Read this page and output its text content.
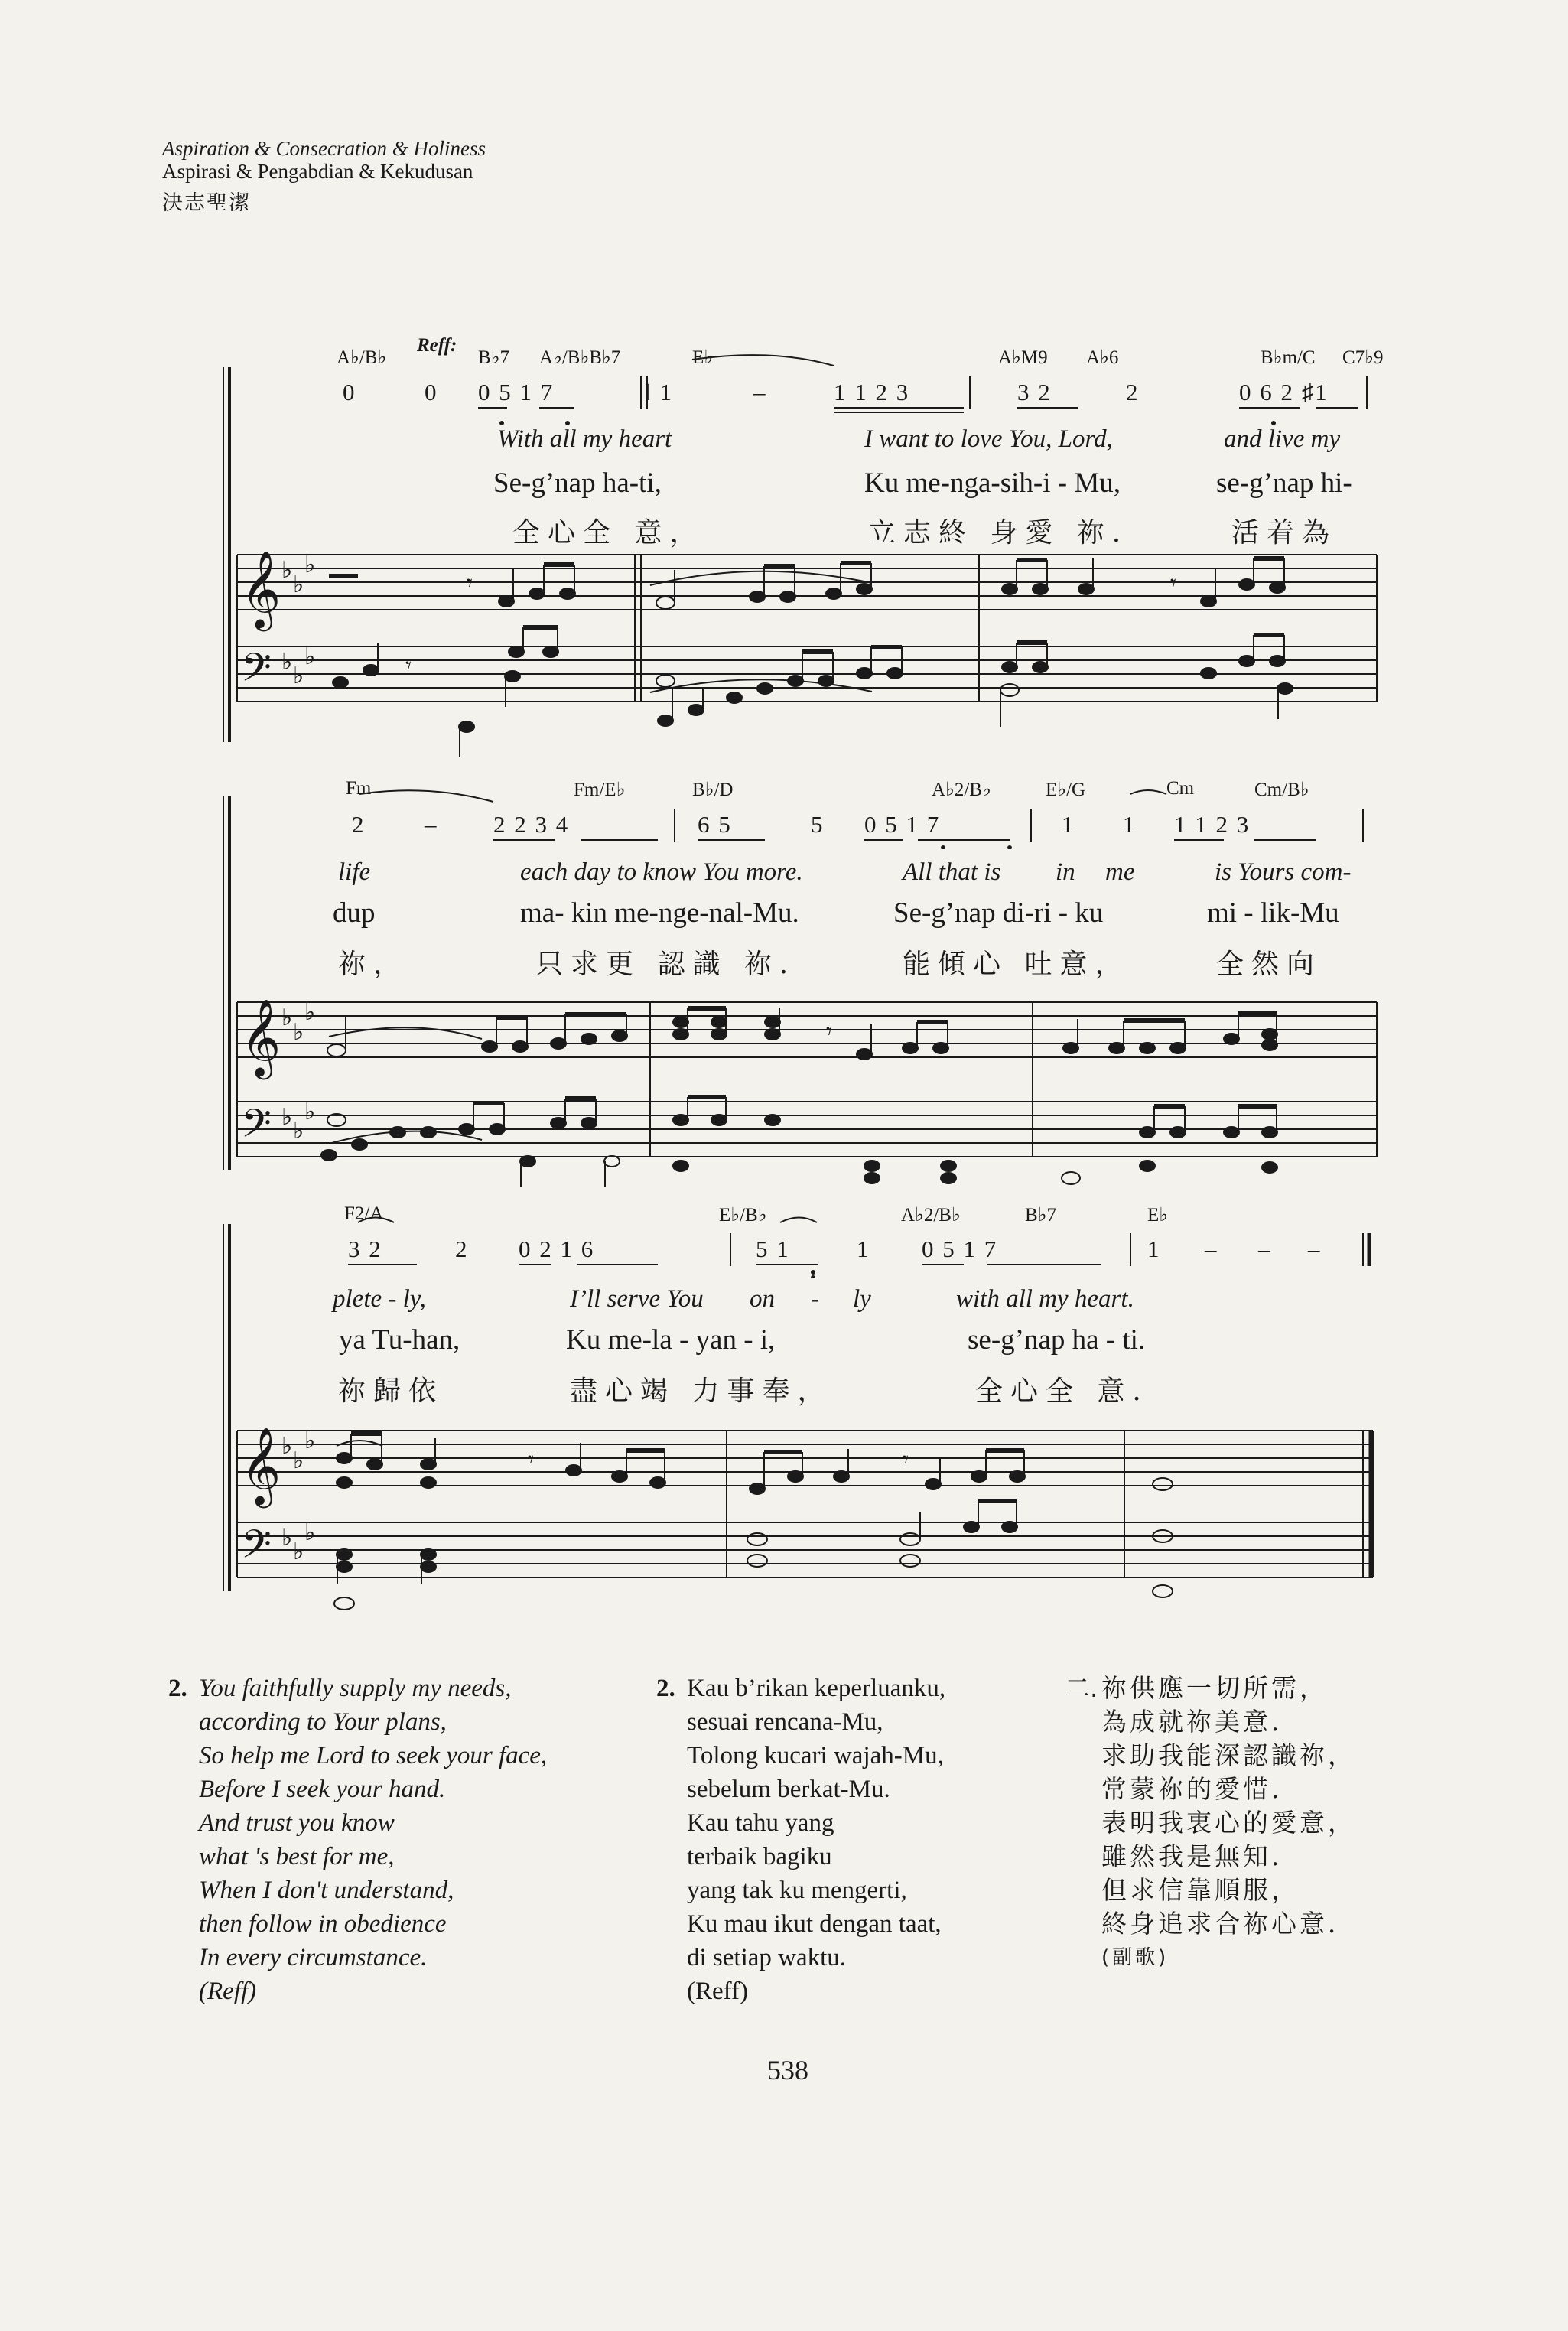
Aspiration & Consecration & Holiness
Aspirasi & Pengabdian & Kekudusan
決志聖潔
A♭/B♭
Reff:
B♭7 A♭/B♭B♭7	E♭	A♭M9 A♭6	B♭m/C C7♭9
0	0 0 5 1 7	‖ 1	–	1 1 2 3	3 2	2	0 6 2 ♯1
With all my heart	I want to love You, Lord,	and live my
Se-g’nap ha-ti,	Ku me-nga-sih-i - Mu,	se-g’nap hi-
全心全 意，	立志終 身愛 祢．	活着為
𝄞
𝄢
♭
♭
♭
♭
♭
♭
𝄾	𝄾
𝄾
Fm	Fm/E♭	B♭/D	A♭2/B♭	E♭/G	Cm	Cm/B♭
2	– 2 2 3 4	6 5	5 0 5 1 7	1 1 1 1 2 3
life	each day to know You more.	All that is in me	is Yours com-
dup	ma- kin me-nge-nal-Mu.	Se-g’nap di-ri - ku	mi - lik-Mu
祢，	只求更 認識 祢．	能傾心 吐意，	全然向
𝄞
𝄢
♭
♭
♭
♭
♭
♭
𝄾
F2/A	E♭/B♭	A♭2/B♭	B♭7	E♭
3 2	2 0 2 1 6	5 1	1 0 5 1 7	1 – – –
plete - ly,	I’ll serve You on - ly	with all my heart.
ya Tu-han,	Ku me-la - yan - i,	se-g’nap ha - ti.
祢歸依	盡心竭 力事奉，	全心全 意．
𝄞
𝄢
♭
♭
♭
♭
♭
♭
𝄾	𝄾
2. You faithfully supply my needs,
according to Your plans,
So help me Lord to seek your face,
Before I seek your hand.
And trust you know
what 's best for me,
When I don't understand,
then follow in obedience
In every circumstance.
(Reff)
2. Kau b’rikan keperluanku,
sesuai rencana-Mu,
Tolong kucari wajah-Mu,
sebelum berkat-Mu.
Kau tahu yang
terbaik bagiku
yang tak ku mengerti,
Ku mau ikut dengan taat,
di setiap waktu.
(Reff)
二. 祢供應一切所需，
為成就祢美意．
求助我能深認識祢，
常蒙祢的愛惜．
表明我衷心的愛意，
雖然我是無知．
但求信靠順服，
終身追求合祢心意．
(副歌)
538
